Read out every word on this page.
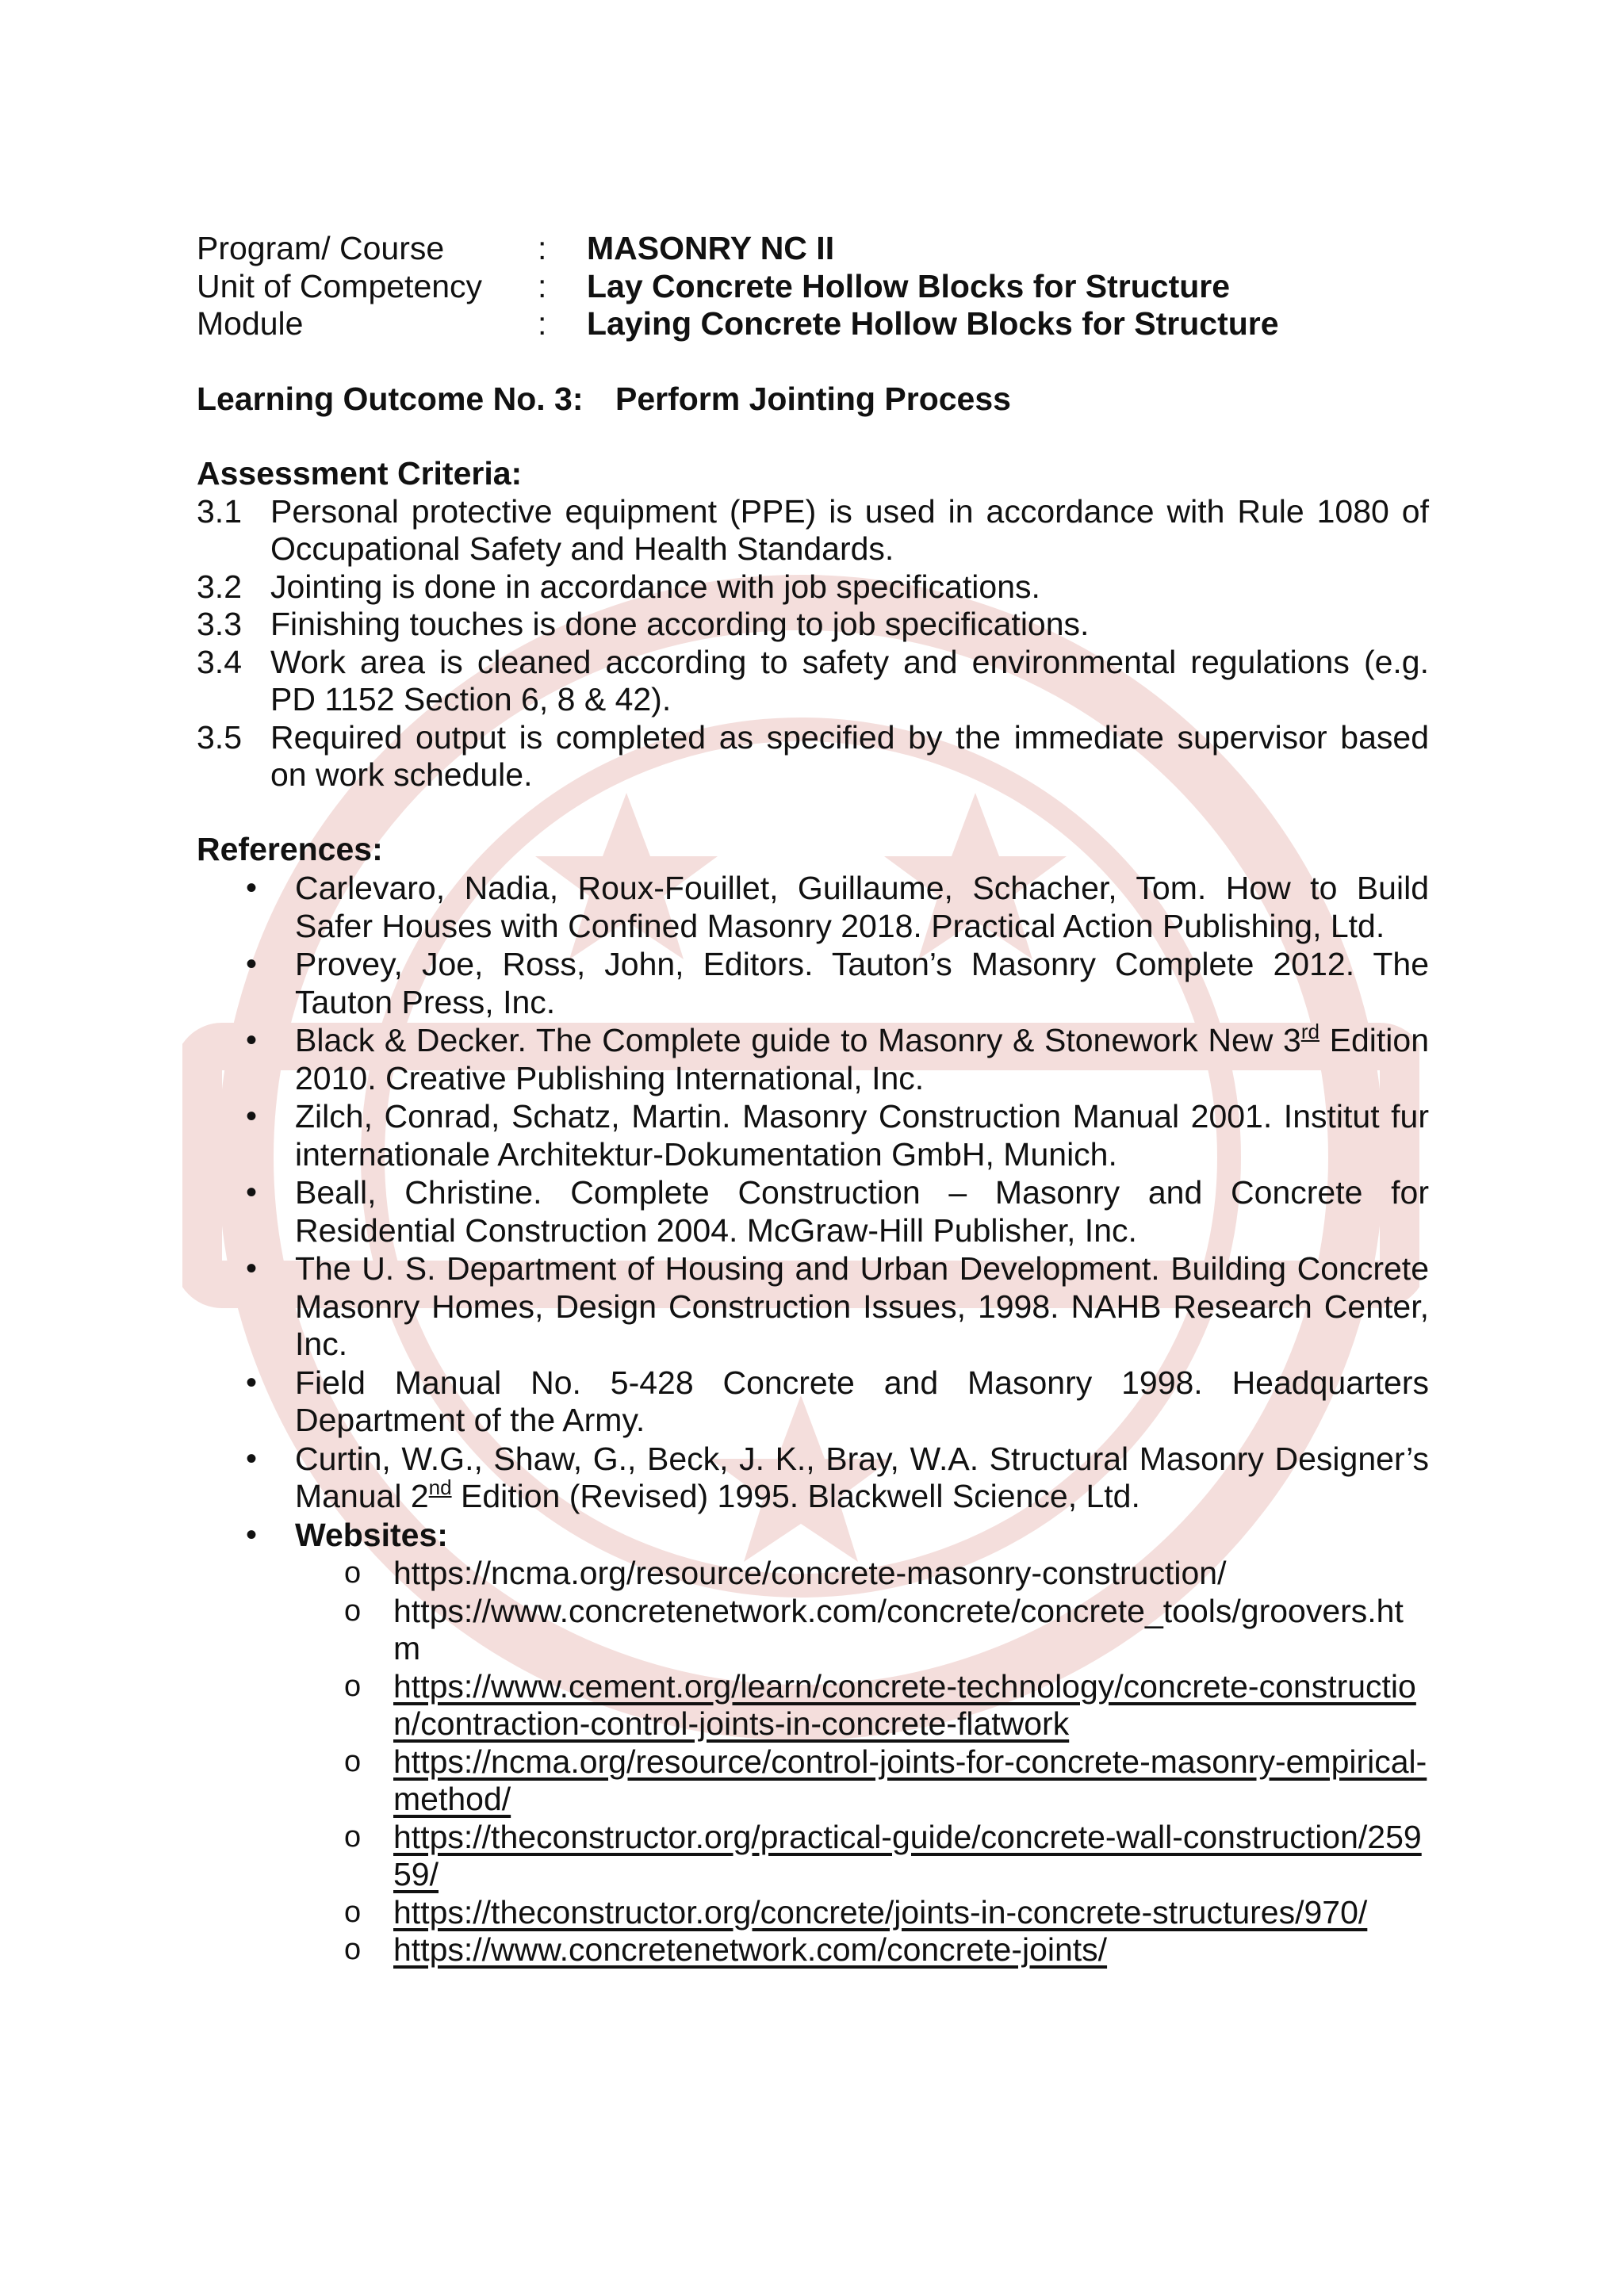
Program/ Course	:	MASONRY NC II
Unit of Competency	:	Lay Concrete Hollow Blocks for Structure
Module	:	Laying Concrete Hollow Blocks for Structure
Learning Outcome No. 3: Perform Jointing Process
Assessment Criteria:
3.1 Personal protective equipment (PPE) is used in accordance with Rule 1080 of Occupational Safety and Health Standards.
3.2 Jointing is done in accordance with job specifications.
3.3 Finishing touches is done according to job specifications.
3.4 Work area is cleaned according to safety and environmental regulations (e.g. PD 1152 Section 6, 8 & 42).
3.5 Required output is completed as specified by the immediate supervisor based on work schedule.
References:
•	Carlevaro, Nadia, Roux-Fouillet, Guillaume, Schacher, Tom. How to Build Safer Houses with Confined Masonry 2018. Practical Action Publishing, Ltd.
•	Provey, Joe, Ross, John, Editors. Tauton’s Masonry Complete 2012. The Tauton Press, Inc.
•	Black & Decker. The Complete guide to Masonry & Stonework New 3rd Edition 2010. Creative Publishing International, Inc.
•	Zilch, Conrad, Schatz, Martin. Masonry Construction Manual 2001. Institut fur internationale Architektur-Dokumentation GmbH, Munich.
•	Beall, Christine. Complete Construction – Masonry and Concrete for Residential Construction 2004. McGraw-Hill Publisher, Inc.
•	The U. S. Department of Housing and Urban Development. Building Concrete Masonry Homes, Design Construction Issues, 1998. NAHB Research Center, Inc.
•	Field Manual No. 5-428 Concrete and Masonry 1998. Headquarters Department of the Army.
•	Curtin, W.G., Shaw, G., Beck, J. K., Bray, W.A. Structural Masonry Designer’s Manual 2nd Edition (Revised) 1995. Blackwell Science, Ltd.
•	Websites:
o https://ncma.org/resource/concrete-masonry-construction/
o https://www.concretenetwork.com/concrete/concrete_tools/groovers.htm
o https://www.cement.org/learn/concrete-technology/concrete-construction/contraction-control-joints-in-concrete-flatwork
o https://ncma.org/resource/control-joints-for-concrete-masonry-empirical-method/
o https://theconstructor.org/practical-guide/concrete-wall-construction/25959/
o https://theconstructor.org/concrete/joints-in-concrete-structures/970/
o https://www.concretenetwork.com/concrete-joints/
